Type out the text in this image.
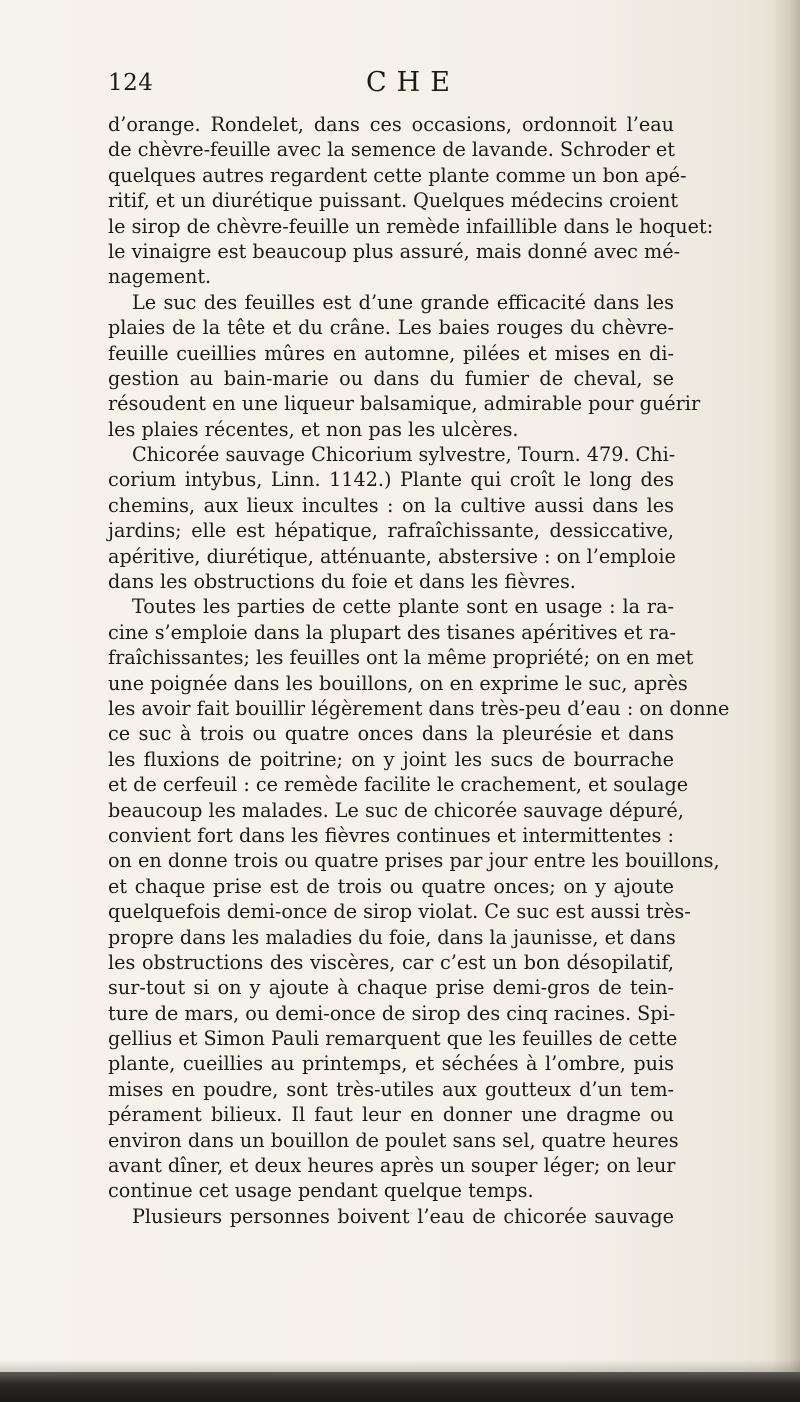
124	CHE
d’orange. Rondelet, dans ces occasions, ordonnoit l’eau
de chèvre-feuille avec la semence de lavande. Schroder et
quelques autres regardent cette plante comme un bon apé-
ritif, et un diurétique puissant. Quelques médecins croient
le sirop de chèvre-feuille un remède infaillible dans le hoquet:
le vinaigre est beaucoup plus assuré, mais donné avec mé-
nagement.
Le suc des feuilles est d’une grande efficacité dans les
plaies de la tête et du crâne. Les baies rouges du chèvre-
feuille cueillies mûres en automne, pilées et mises en di-
gestion au bain-marie ou dans du fumier de cheval, se
résoudent en une liqueur balsamique, admirable pour guérir
les plaies récentes, et non pas les ulcères.
Chicorée sauvage Chicorium sylvestre, Tourn. 479. Chi-
corium intybus, Linn. 1142.) Plante qui croît le long des
chemins, aux lieux incultes : on la cultive aussi dans les
jardins; elle est hépatique, rafraîchissante, dessiccative,
apéritive, diurétique, atténuante, abstersive : on l’emploie
dans les obstructions du foie et dans les fièvres.
Toutes les parties de cette plante sont en usage : la ra-
cine s’emploie dans la plupart des tisanes apéritives et ra-
fraîchissantes; les feuilles ont la même propriété; on en met
une poignée dans les bouillons, on en exprime le suc, après
les avoir fait bouillir légèrement dans très-peu d’eau : on donne
ce suc à trois ou quatre onces dans la pleurésie et dans
les fluxions de poitrine; on y joint les sucs de bourrache
et de cerfeuil : ce remède facilite le crachement, et soulage
beaucoup les malades. Le suc de chicorée sauvage dépuré,
convient fort dans les fièvres continues et intermittentes :
on en donne trois ou quatre prises par jour entre les bouillons,
et chaque prise est de trois ou quatre onces; on y ajoute
quelquefois demi-once de sirop violat. Ce suc est aussi très-
propre dans les maladies du foie, dans la jaunisse, et dans
les obstructions des viscères, car c’est un bon désopilatif,
sur-tout si on y ajoute à chaque prise demi-gros de tein-
ture de mars, ou demi-once de sirop des cinq racines. Spi-
gellius et Simon Pauli remarquent que les feuilles de cette
plante, cueillies au printemps, et séchées à l’ombre, puis
mises en poudre, sont très-utiles aux goutteux d’un tem-
pérament bilieux. Il faut leur en donner une dragme ou
environ dans un bouillon de poulet sans sel, quatre heures
avant dîner, et deux heures après un souper léger; on leur
continue cet usage pendant quelque temps.
Plusieurs personnes boivent l’eau de chicorée sauvage
